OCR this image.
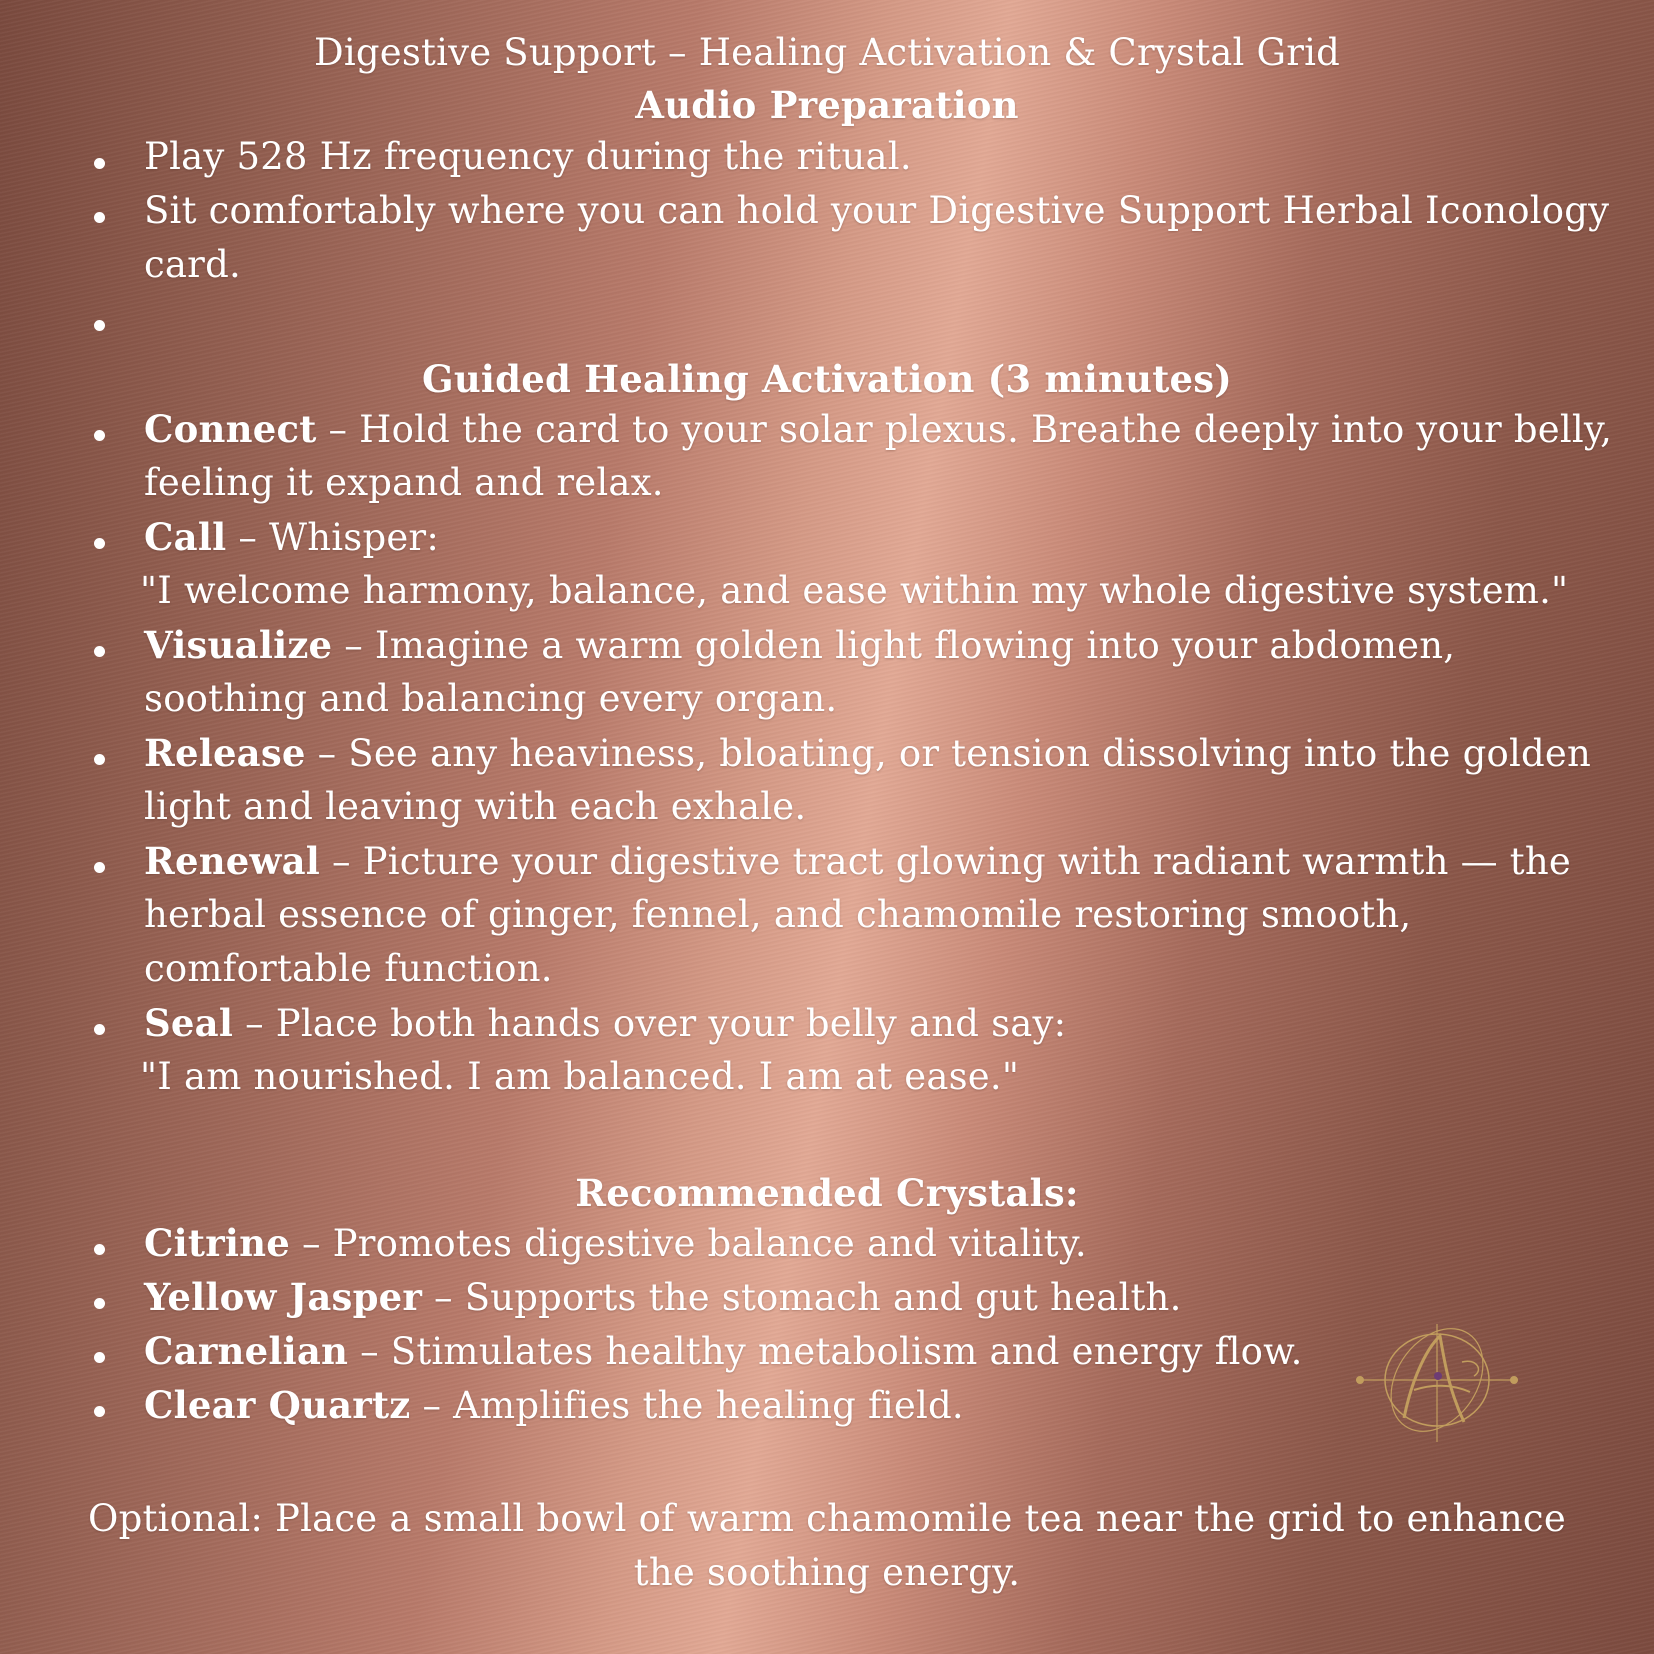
Digestive Support – Healing Activation & Crystal Grid
Audio Preparation
Play 528 Hz frequency during the ritual.
Sit comfortably where you can hold your Digestive Support Herbal Iconology
card.
Guided Healing Activation (3 minutes)
Connect – Hold the card to your solar plexus. Breathe deeply into your belly,
feeling it expand and relax.
Call – Whisper:
"I welcome harmony, balance, and ease within my whole digestive system."
Visualize – Imagine a warm golden light flowing into your abdomen,
soothing and balancing every organ.
Release – See any heaviness, bloating, or tension dissolving into the golden
light and leaving with each exhale.
Renewal – Picture your digestive tract glowing with radiant warmth — the
herbal essence of ginger, fennel, and chamomile restoring smooth,
comfortable function.
Seal – Place both hands over your belly and say:
"I am nourished. I am balanced. I am at ease."
Recommended Crystals:
Citrine – Promotes digestive balance and vitality.
Yellow Jasper – Supports the stomach and gut health.
Carnelian – Stimulates healthy metabolism and energy flow.
Clear Quartz – Amplifies the healing field.
Optional: Place a small bowl of warm chamomile tea near the grid to enhance
the soothing energy.
